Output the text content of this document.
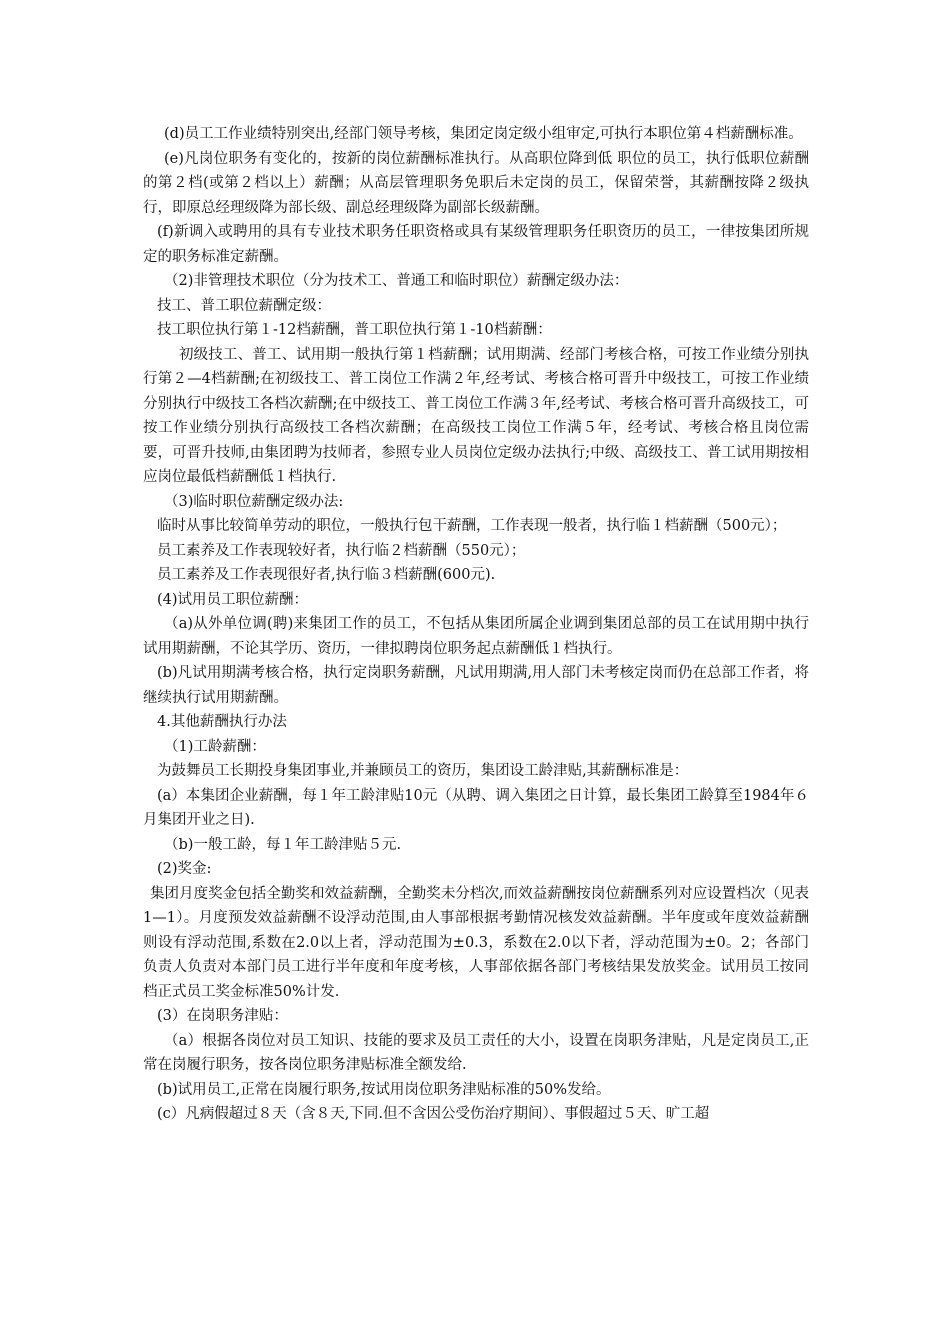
(d)员工工作业绩特别突出,经部门领导考核，集团定岗定级小组审定,可执行本职位第４档薪酬标准。

(e)凡岗位职务有变化的，按新的岗位薪酬标准执行。从高职位降到低 职位的员工，执行低职位薪酬的第２档(或第２档以上）薪酬；从高层管理职务免职后未定岗的员工，保留荣誉，其薪酬按降２级执行，即原总经理级降为部长级、副总经理级降为副部长级薪酬。

(f)新调入或聘用的具有专业技术职务任职资格或具有某级管理职务任职资历的员工，一律按集团所规定的职务标准定薪酬。

（2)非管理技术职位（分为技术工、普通工和临时职位）薪酬定级办法：

技工、普工职位薪酬定级：

技工职位执行第１-12档薪酬，普工职位执行第１-10档薪酬：

初级技工、普工、试用期一般执行第１档薪酬；试用期满、经部门考核合格，可按工作业绩分别执行第２—4档薪酬;在初级技工、普工岗位工作满２年,经考试、考核合格可晋升中级技工，可按工作业绩分别执行中级技工各档次薪酬;在中级技工、普工岗位工作满３年,经考试、考核合格可晋升高级技工，可按工作业绩分别执行高级技工各档次薪酬；在高级技工岗位工作满５年，经考试、考核合格且岗位需要，可晋升技师,由集团聘为技师者，参照专业人员岗位定级办法执行;中级、高级技工、普工试用期按相应岗位最低档薪酬低１档执行.

（3)临时职位薪酬定级办法:

临时从事比较简单劳动的职位，一般执行包干薪酬，工作表现一般者，执行临１档薪酬（500元）；

员工素养及工作表现较好者，执行临２档薪酬（550元）；

员工素养及工作表现很好者,执行临３档薪酬(600元).

(4)试用员工职位薪酬：

（a)从外单位调(聘)来集团工作的员工，不包括从集团所属企业调到集团总部的员工在试用期中执行试用期薪酬，不论其学历、资历，一律拟聘岗位职务起点薪酬低１档执行。

(b)凡试用期满考核合格，执行定岗职务薪酬，凡试用期满,用人部门未考核定岗而仍在总部工作者，将继续执行试用期薪酬。

4.其他薪酬执行办法

（1)工龄薪酬：

为鼓舞员工长期投身集团事业,并兼顾员工的资历，集团设工龄津贴,其薪酬标准是：

(a）本集团企业薪酬，每１年工龄津贴10元（从聘、调入集团之日计算，最长集团工龄算至1984年６月集团开业之日).

（b)一般工龄，每１年工龄津贴５元.

(2)奖金:

集团月度奖金包括全勤奖和效益薪酬，全勤奖未分档次,而效益薪酬按岗位薪酬系列对应设置档次（见表1—1）。月度预发效益薪酬不设浮动范围,由人事部根据考勤情况核发效益薪酬。半年度或年度效益薪酬则设有浮动范围,系数在2.0以上者，浮动范围为±0.3，系数在2.0以下者，浮动范围为±0。2；各部门负责人负责对本部门员工进行半年度和年度考核，人事部依据各部门考核结果发放奖金。试用员工按同档正式员工奖金标准50%计发.

(3）在岗职务津贴：

（a）根据各岗位对员工知识、技能的要求及员工责任的大小，设置在岗职务津贴，凡是定岗员工,正常在岗履行职务，按各岗位职务津贴标准全额发给.

(b)试用员工,正常在岗履行职务,按试用岗位职务津贴标准的50%发给。

(c）凡病假超过８天（含８天,下同.但不含因公受伤治疗期间）、事假超过５天、旷工超
